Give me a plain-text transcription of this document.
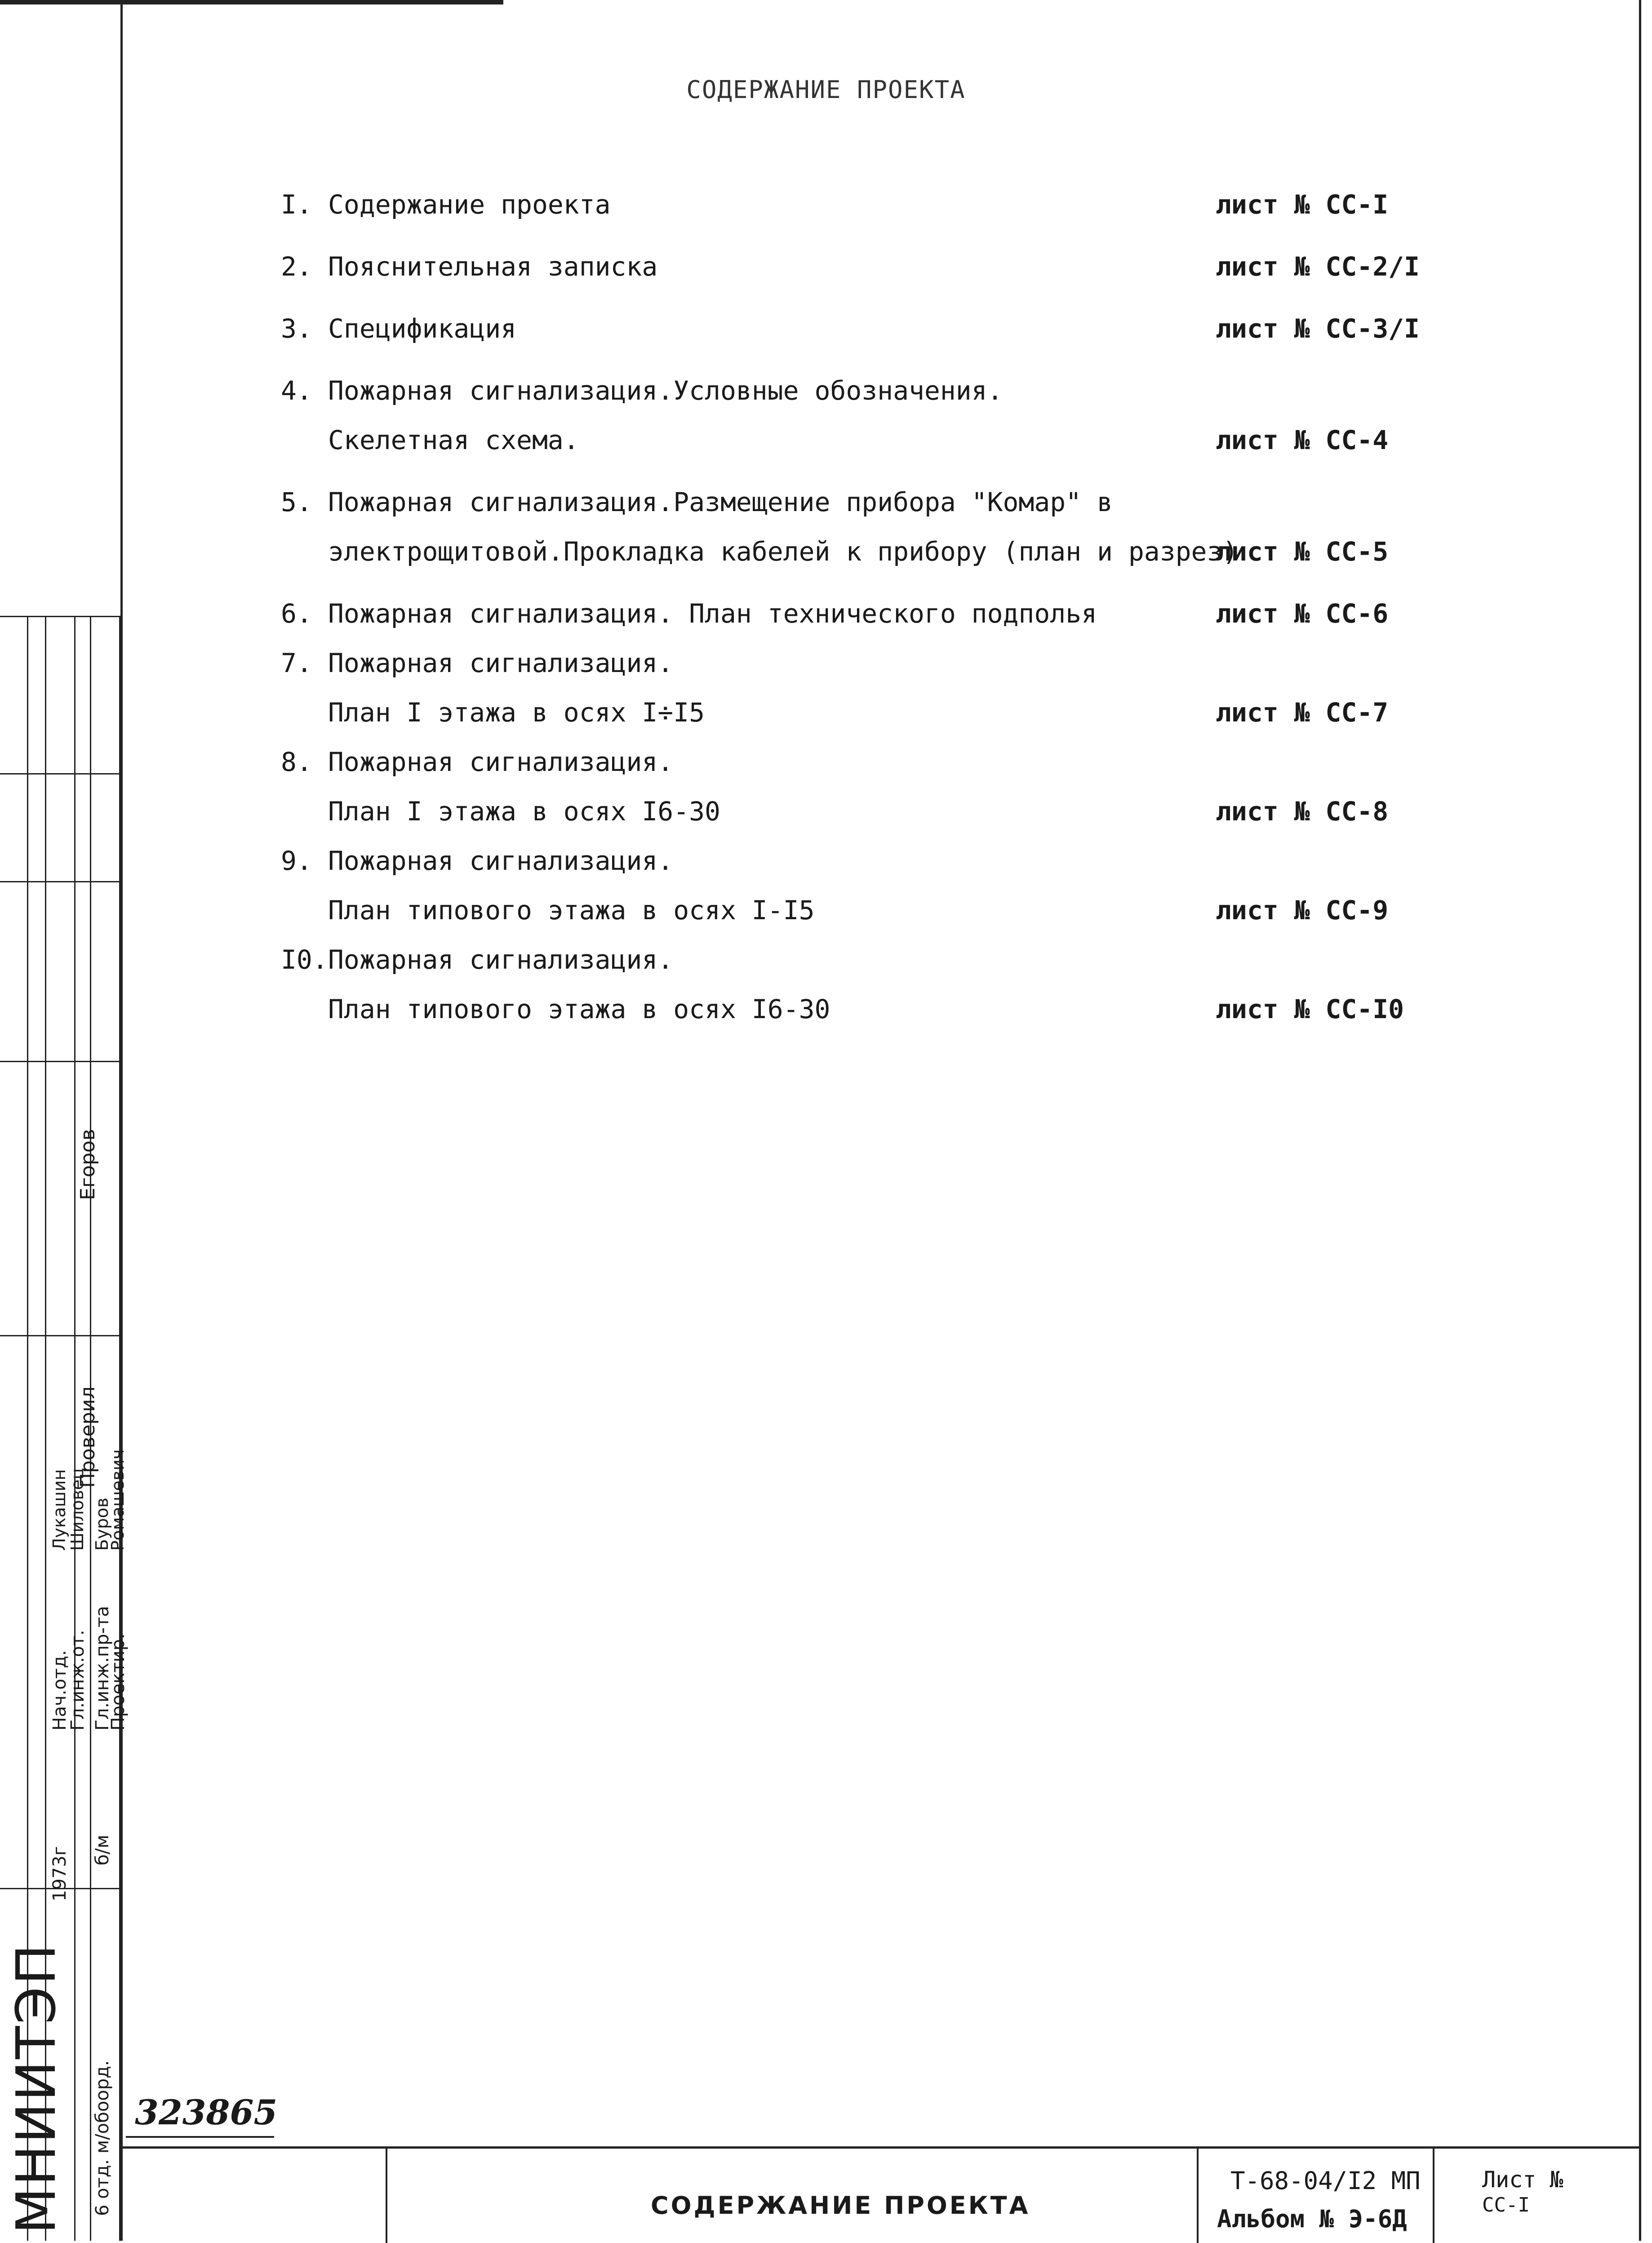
СОДЕРЖАНИЕ ПРОЕКТА
I. Содержание проекта	лист № СС-I
2. Пояснительная записка	лист № СС-2/I
3. Спецификация	лист № СС-3/I
4. Пожарная сигнализация.Условные обозначения.
Скелетная схема.	лист № СС-4
5. Пожарная сигнализация.Размещение прибора "Комар" в
электрощитовой.Прокладка кабелей к прибору (план и разрез)
лист № СС-5
6. Пожарная сигнализация. План технического подполья	лист № СС-6
7. Пожарная сигнализация.
План I этажа в осях I÷I5	лист № СС-7
8. Пожарная сигнализация.
План I этажа в осях I6-30	лист № СС-8
9. Пожарная сигнализация.
План типового этажа в осях I-I5	лист № СС-9
I0.Пожарная сигнализация.
План типового этажа в осях I6-30	лист № СС-I0
Проверил
Егоров
Нач.отд.
Гл.инж.от. Гл.инж.пр-та
Проектир.
Лукашин
Шиловец Буров
Ромашевич
1973г б/м
6 отд. м/обоорд.
МНИИТЭП 323865
СОДЕРЖАНИЕ ПРОЕКТА
Т-68-04/I2 МП
Альбом № Э-6Д
Лист №
СС-I
